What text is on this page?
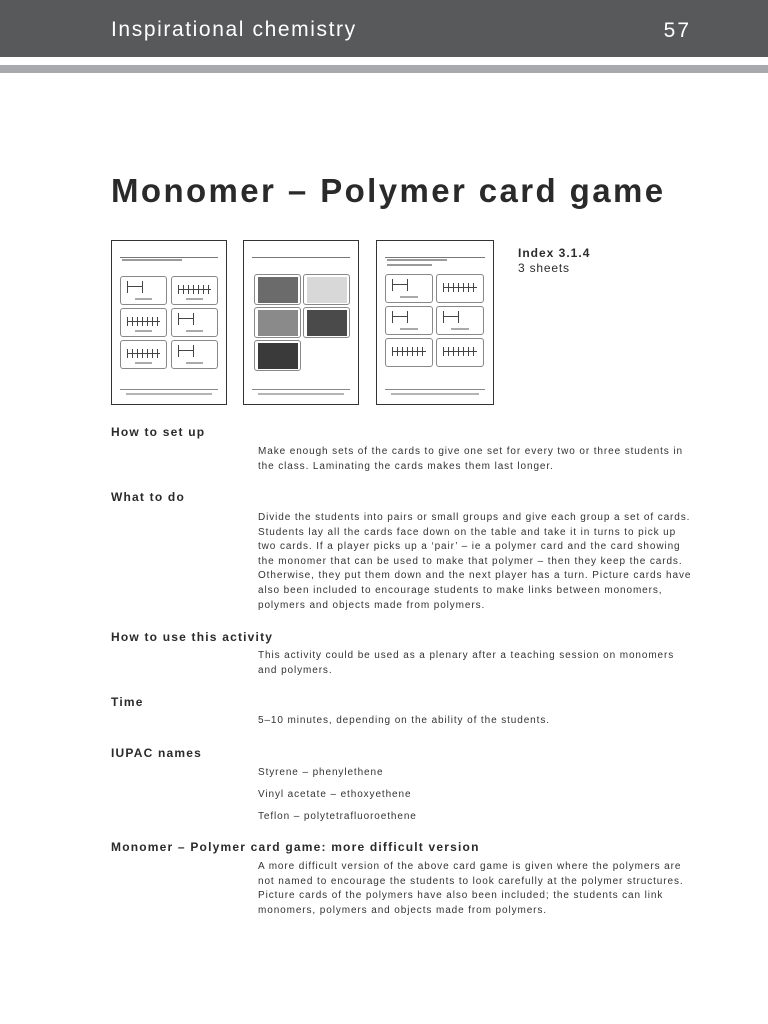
Inspirational chemistry	57
Monomer – Polymer card game
Index 3.1.4
3 sheets
How to set up

Make enough sets of the cards to give one set for every two or three students in the class. Laminating the cards makes them last longer.

What to do

Divide the students into pairs or small groups and give each group a set of cards. Students lay all the cards face down on the table and take it in turns to pick up two cards. If a player picks up a ‘pair’ – ie a polymer card and the card showing the monomer that can be used to make that polymer – then they keep the cards. Otherwise, they put them down and the next player has a turn. Picture cards have also been included to encourage students to make links between monomers, polymers and objects made from polymers.

How to use this activity

This activity could be used as a plenary after a teaching session on monomers and polymers.

Time

5–10 minutes, depending on the ability of the students.

IUPAC names

Styrene – phenylethene

Vinyl acetate – ethoxyethene

Teflon – polytetrafluoroethene

Monomer – Polymer card game: more difficult version

A more difficult version of the above card game is given where the polymers are not named to encourage the students to look carefully at the polymer structures. Picture cards of the polymers have also been included; the students can link monomers, polymers and objects made from polymers.
